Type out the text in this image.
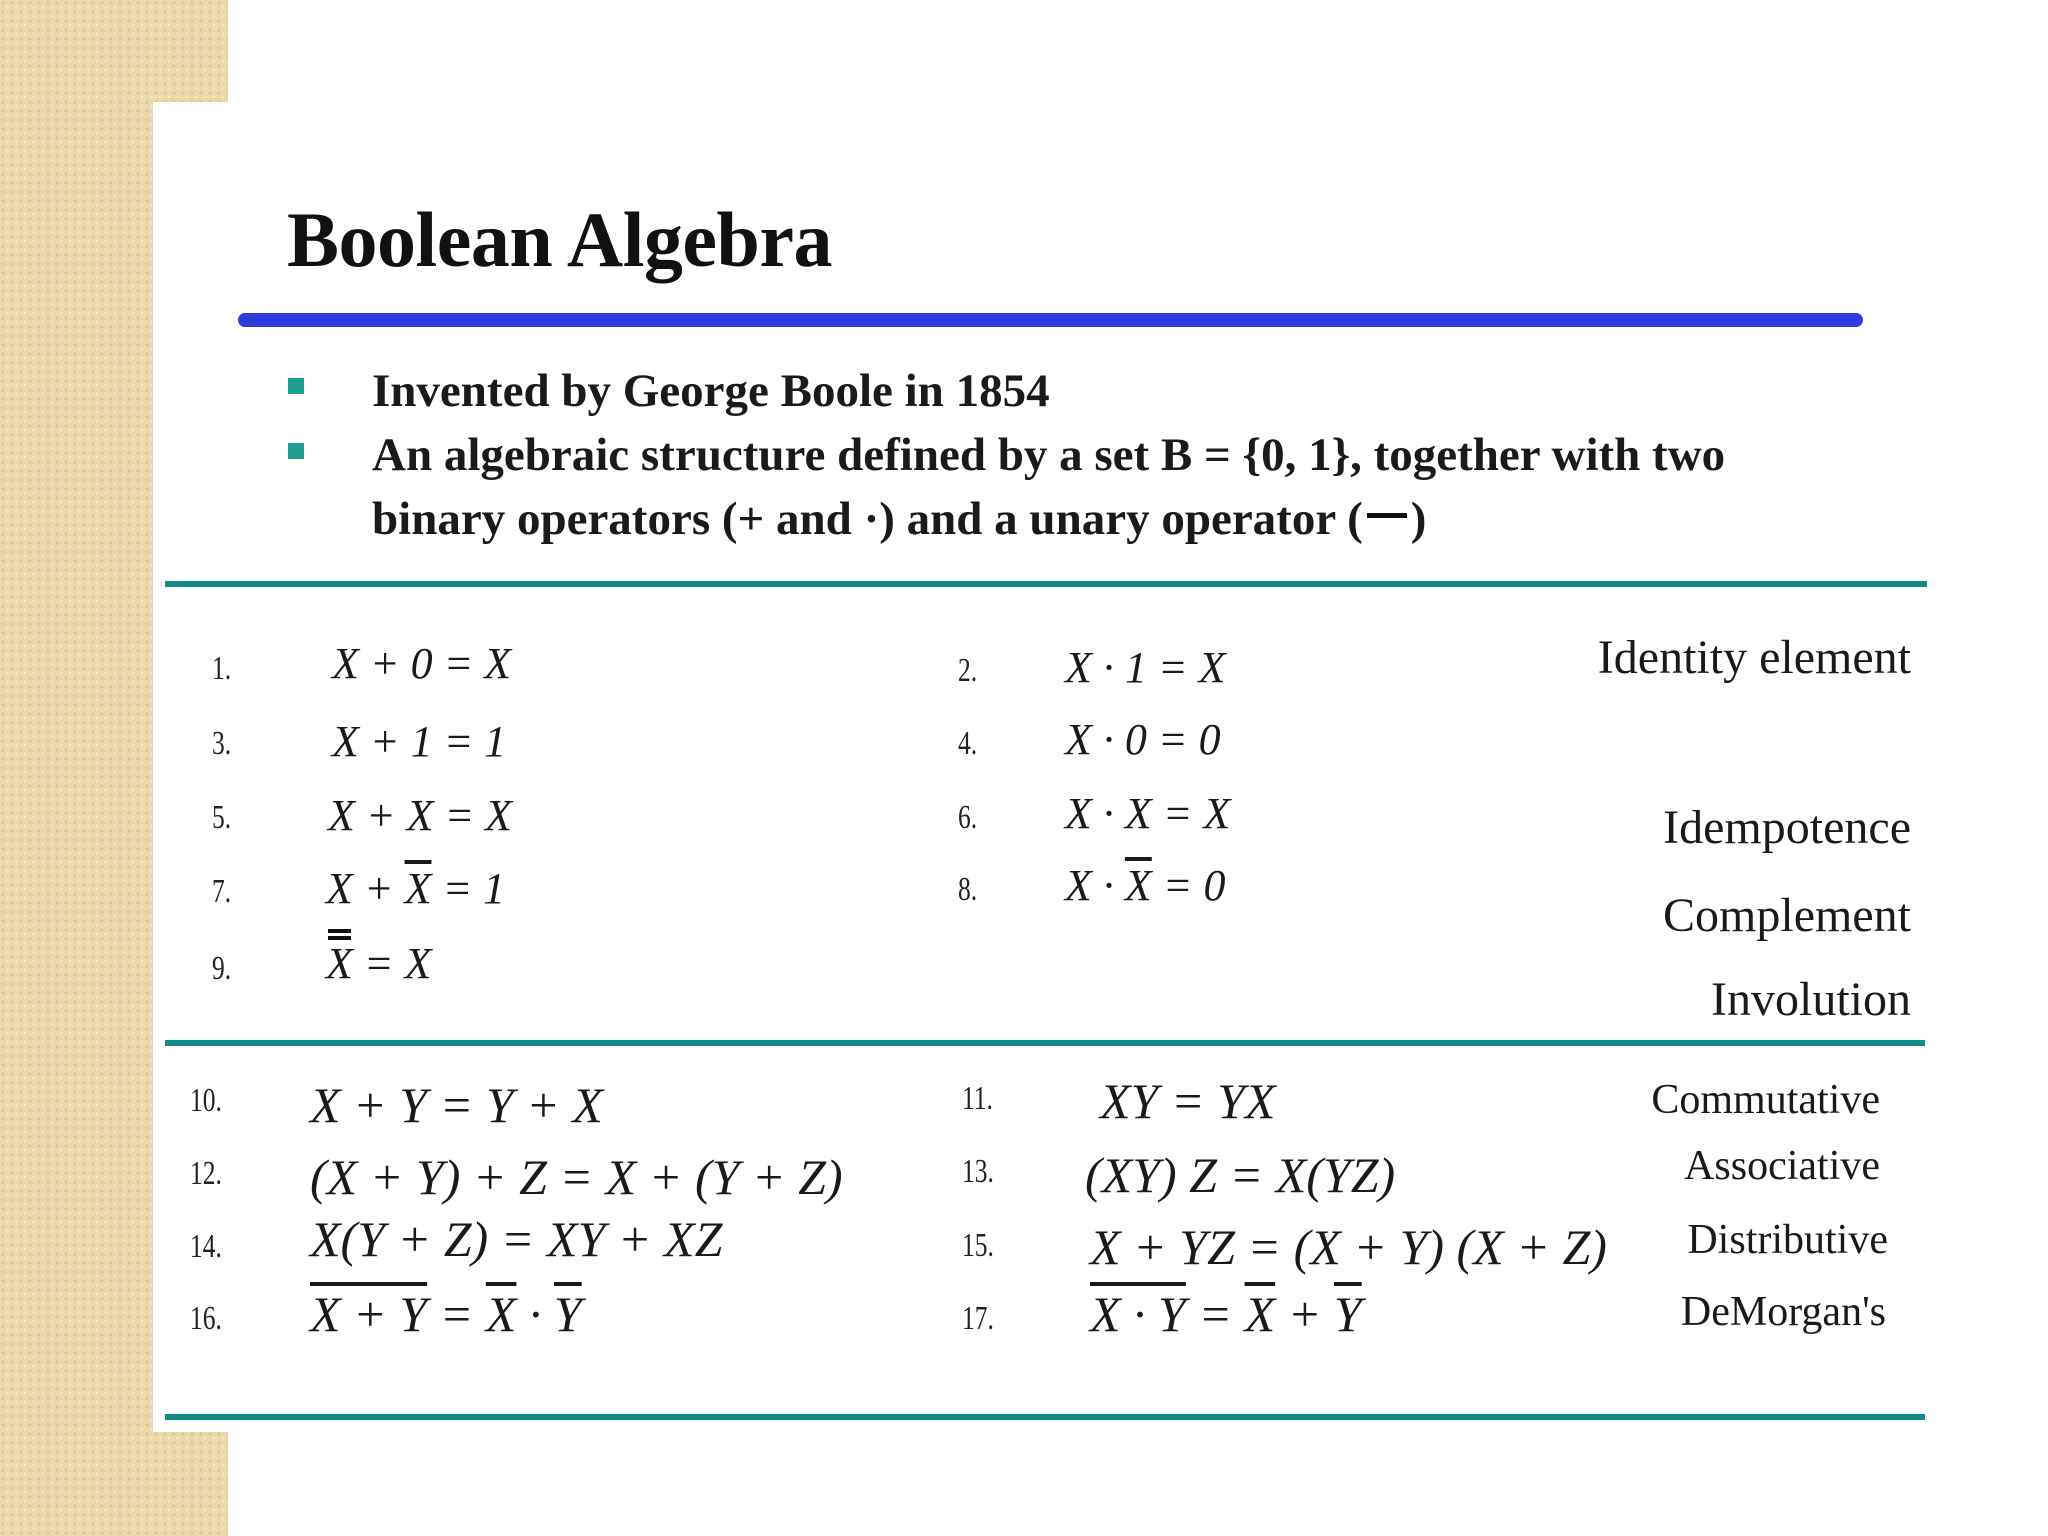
Boolean Algebra
Invented by George Boole in 1854
An algebraic structure defined by a set B = {0, 1}, together with two
binary operators (+ and ·) and a unary operator ( )
1. X + 0 = X
3. X + 1 = 1
5. X + X = X
7. $X + \overline{X} = 1$
9. X = X
2. X · 1 = X
4. X · 0 = 0
6. X · X = X
8. $X \cdot \overline{X} = 0$
Identity element
Idempotence
Complement
Involution
10. X + Y = Y + X
12. (X + Y) + Z = X + (Y + Z)
14. X(Y + Z) = XY + XZ
16. $X + Y = \overline{X} \cdot \overline{Y}$
11. XY = YX
13. (XY) Z = X(YZ)
15. X + YZ = (X + Y) (X + Z)
17. $X \cdot Y = \overline{X} + \overline{Y}$
Commutative
Associative
Distributive
DeMorgan's
